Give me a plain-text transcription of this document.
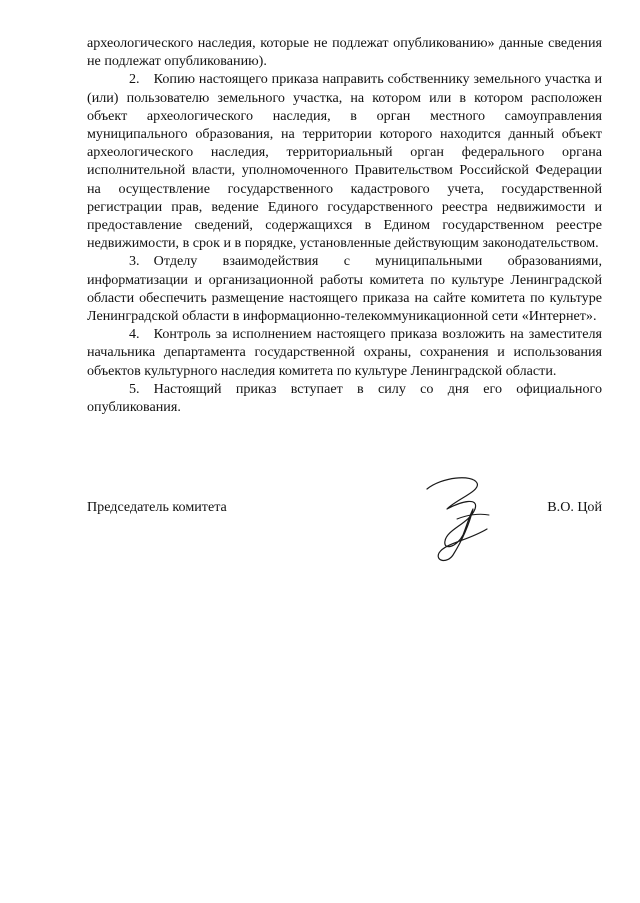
археологического наследия, которые не подлежат опубликованию» данные сведения не подлежат опубликованию).

2. Копию настоящего приказа направить собственнику земельного участка и (или) пользователю земельного участка, на котором или в котором расположен объект археологического наследия, в орган местного самоуправления муниципального образования, на территории которого находится данный объект археологического наследия, территориальный орган федерального органа исполнительной власти, уполномоченного Правительством Российской Федерации на осуществление государственного кадастрового учета, государственной регистрации прав, ведение Единого государственного реестра недвижимости и предоставление сведений, содержащихся в Едином государственном реестре недвижимости, в срок и в порядке, установленные действующим законодательством.

3. Отделу взаимодействия с муниципальными образованиями, информатизации и организационной работы комитета по культуре Ленинградской области обеспечить размещение настоящего приказа на сайте комитета по культуре Ленинградской области в информационно-телекоммуникационной сети «Интернет».

4. Контроль за исполнением настоящего приказа возложить на заместителя начальника департамента государственной охраны, сохранения и использования объектов культурного наследия комитета по культуре Ленинградской области.

5. Настоящий приказ вступает в силу со дня его официального опубликования.

Председатель комитета	В.О. Цой
